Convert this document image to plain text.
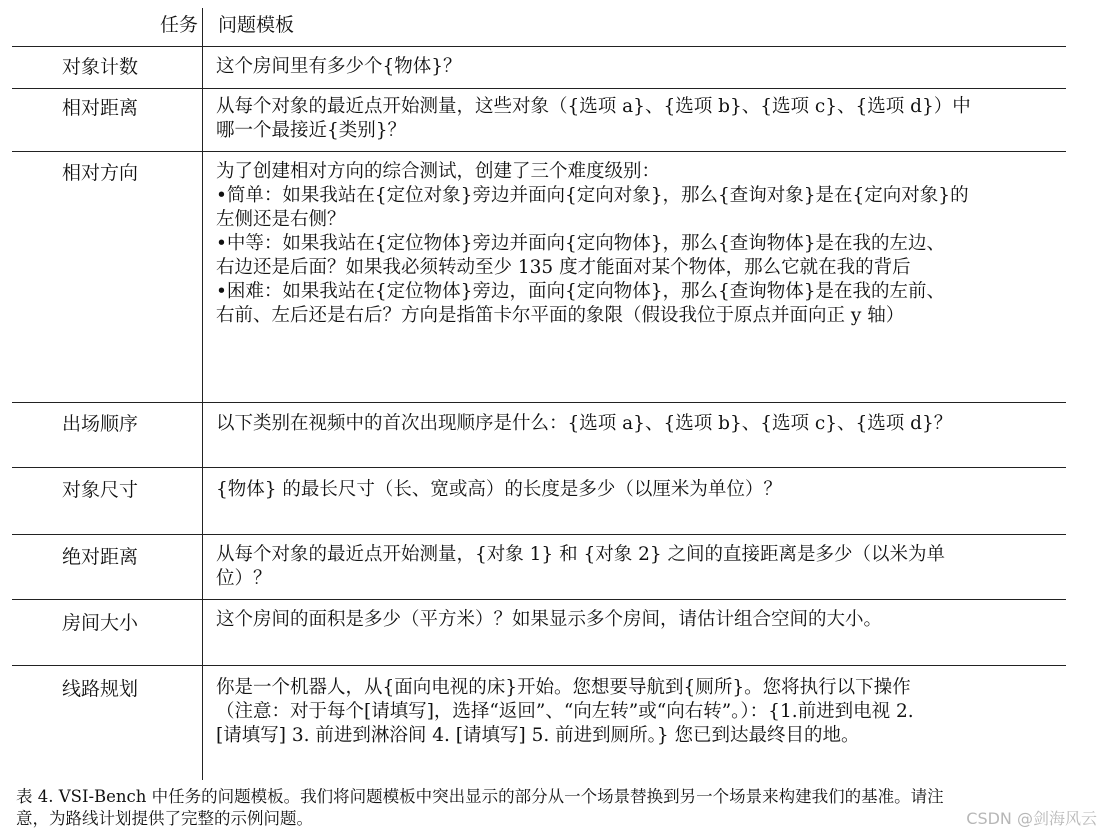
任务 问题模板
对象计数	这个房间里有多少个{物体}？
相对距离	从每个对象的最近点开始测量，这些对象（{选项 a}、{选项 b}、{选项 c}、{选项 d}）中
哪一个最接近{类别}？
相对方向	为了创建相对方向的综合测试，创建了三个难度级别：
•简单：如果我站在{定位对象}旁边并面向{定向对象}，那么{查询对象}是在{定向对象}的
左侧还是右侧？
•中等：如果我站在{定位物体}旁边并面向{定向物体}，那么{查询物体}是在我的左边、
右边还是后面？如果我必须转动至少 135 度才能面对某个物体，那么它就在我的背后
•困难：如果我站在{定位物体}旁边，面向{定向物体}，那么{查询物体}是在我的左前、
右前、左后还是右后？方向是指笛卡尔平面的象限（假设我位于原点并面向正 y 轴）
出场顺序	以下类别在视频中的首次出现顺序是什么：{选项 a}、{选项 b}、{选项 c}、{选项 d}？
对象尺寸	{物体} 的最长尺寸（长、宽或高）的长度是多少（以厘米为单位）？
绝对距离	从每个对象的最近点开始测量，{对象 1} 和 {对象 2} 之间的直接距离是多少（以米为单
位）？
房间大小	这个房间的面积是多少（平方米）？如果显示多个房间，请估计组合空间的大小。
线路规划	你是一个机器人，从{面向电视的床}开始。您想要导航到{厕所}。您将执行以下操作
（注意：对于每个[请填写]，选择“返回”、“向左转”或“向右转”。）：{1.前进到电视 2.
[请填写] 3. 前进到淋浴间 4. [请填写] 5. 前进到厕所。} 您已到达最终目的地。
表 4. VSI-Bench 中任务的问题模板。我们将问题模板中突出显示的部分从一个场景替换到另一个场景来构建我们的基准。请注
意，为路线计划提供了完整的示例问题。	CSDN @剑海风云
